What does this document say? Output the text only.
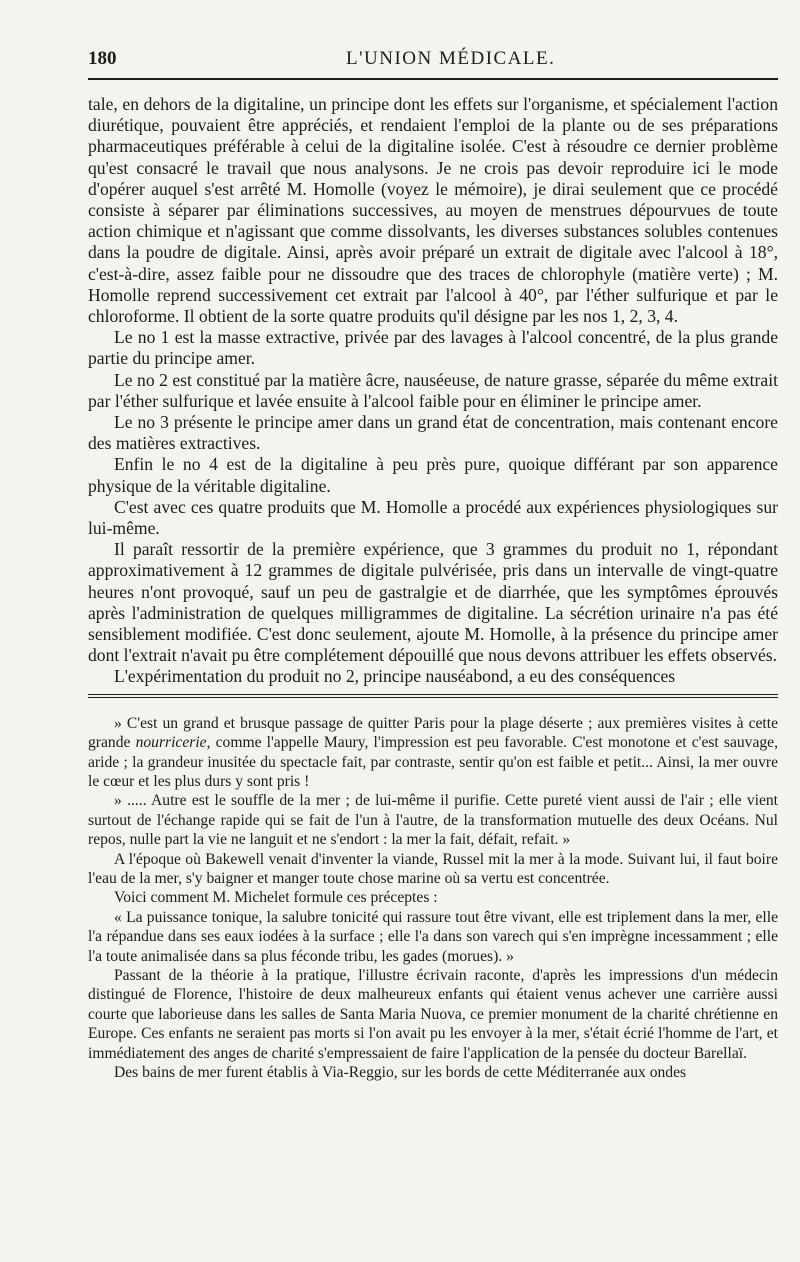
180	L'UNION MÉDICALE.

tale, en dehors de la digitaline, un principe dont les effets sur l'organisme, et spécialement l'action diurétique, pouvaient être appréciés, et rendaient l'emploi de la plante ou de ses préparations pharmaceutiques préférable à celui de la digitaline isolée. C'est à résoudre ce dernier problème qu'est consacré le travail que nous analysons. Je ne crois pas devoir reproduire ici le mode d'opérer auquel s'est arrêté M. Homolle (voyez le mémoire), je dirai seulement que ce procédé consiste à séparer par éliminations successives, au moyen de menstrues dépourvues de toute action chimique et n'agissant que comme dissolvants, les diverses substances solubles contenues dans la poudre de digitale. Ainsi, après avoir préparé un extrait de digitale avec l'alcool à 18°, c'est-à-dire, assez faible pour ne dissoudre que des traces de chlorophyle (matière verte) ; M. Homolle reprend successivement cet extrait par l'alcool à 40°, par l'éther sulfurique et par le chloroforme. Il obtient de la sorte quatre produits qu'il désigne par les nos 1, 2, 3, 4.

Le no 1 est la masse extractive, privée par des lavages à l'alcool concentré, de la plus grande partie du principe amer.

Le no 2 est constitué par la matière âcre, nauséeuse, de nature grasse, séparée du même extrait par l'éther sulfurique et lavée ensuite à l'alcool faible pour en éliminer le principe amer.

Le no 3 présente le principe amer dans un grand état de concentration, mais contenant encore des matières extractives.

Enfin le no 4 est de la digitaline à peu près pure, quoique différant par son apparence physique de la véritable digitaline.

C'est avec ces quatre produits que M. Homolle a procédé aux expériences physiologiques sur lui-même.

Il paraît ressortir de la première expérience, que 3 grammes du produit no 1, répondant approximativement à 12 grammes de digitale pulvérisée, pris dans un intervalle de vingt-quatre heures n'ont provoqué, sauf un peu de gastralgie et de diarrhée, que les symptômes éprouvés après l'administration de quelques milligrammes de digitaline. La sécrétion urinaire n'a pas été sensiblement modifiée. C'est donc seulement, ajoute M. Homolle, à la présence du principe amer dont l'extrait n'avait pu être complétement dépouillé que nous devons attribuer les effets observés.

L'expérimentation du produit no 2, principe nauséabond, a eu des conséquences

» C'est un grand et brusque passage de quitter Paris pour la plage déserte ; aux premières visites à cette grande nourricerie, comme l'appelle Maury, l'impression est peu favorable. C'est monotone et c'est sauvage, aride ; la grandeur inusitée du spectacle fait, par contraste, sentir qu'on est faible et petit... Ainsi, la mer ouvre le cœur et les plus durs y sont pris !

» ..... Autre est le souffle de la mer ; de lui-même il purifie. Cette pureté vient aussi de l'air ; elle vient surtout de l'échange rapide qui se fait de l'un à l'autre, de la transformation mutuelle des deux Océans. Nul repos, nulle part la vie ne languit et ne s'endort : la mer la fait, défait, refait. »

A l'époque où Bakewell venait d'inventer la viande, Russel mit la mer à la mode. Suivant lui, il faut boire l'eau de la mer, s'y baigner et manger toute chose marine où sa vertu est concentrée.

Voici comment M. Michelet formule ces préceptes :

« La puissance tonique, la salubre tonicité qui rassure tout être vivant, elle est triplement dans la mer, elle l'a répandue dans ses eaux iodées à la surface ; elle l'a dans son varech qui s'en imprègne incessamment ; elle l'a toute animalisée dans sa plus féconde tribu, les gades (morues). »

Passant de la théorie à la pratique, l'illustre écrivain raconte, d'après les impressions d'un médecin distingué de Florence, l'histoire de deux malheureux enfants qui étaient venus achever une carrière aussi courte que laborieuse dans les salles de Santa Maria Nuova, ce premier monument de la charité chrétienne en Europe. Ces enfants ne seraient pas morts si l'on avait pu les envoyer à la mer, s'était écrié l'homme de l'art, et immédiatement des anges de charité s'empressaient de faire l'application de la pensée du docteur Barellaï.

Des bains de mer furent établis à Via-Reggio, sur les bords de cette Méditerranée aux ondes
